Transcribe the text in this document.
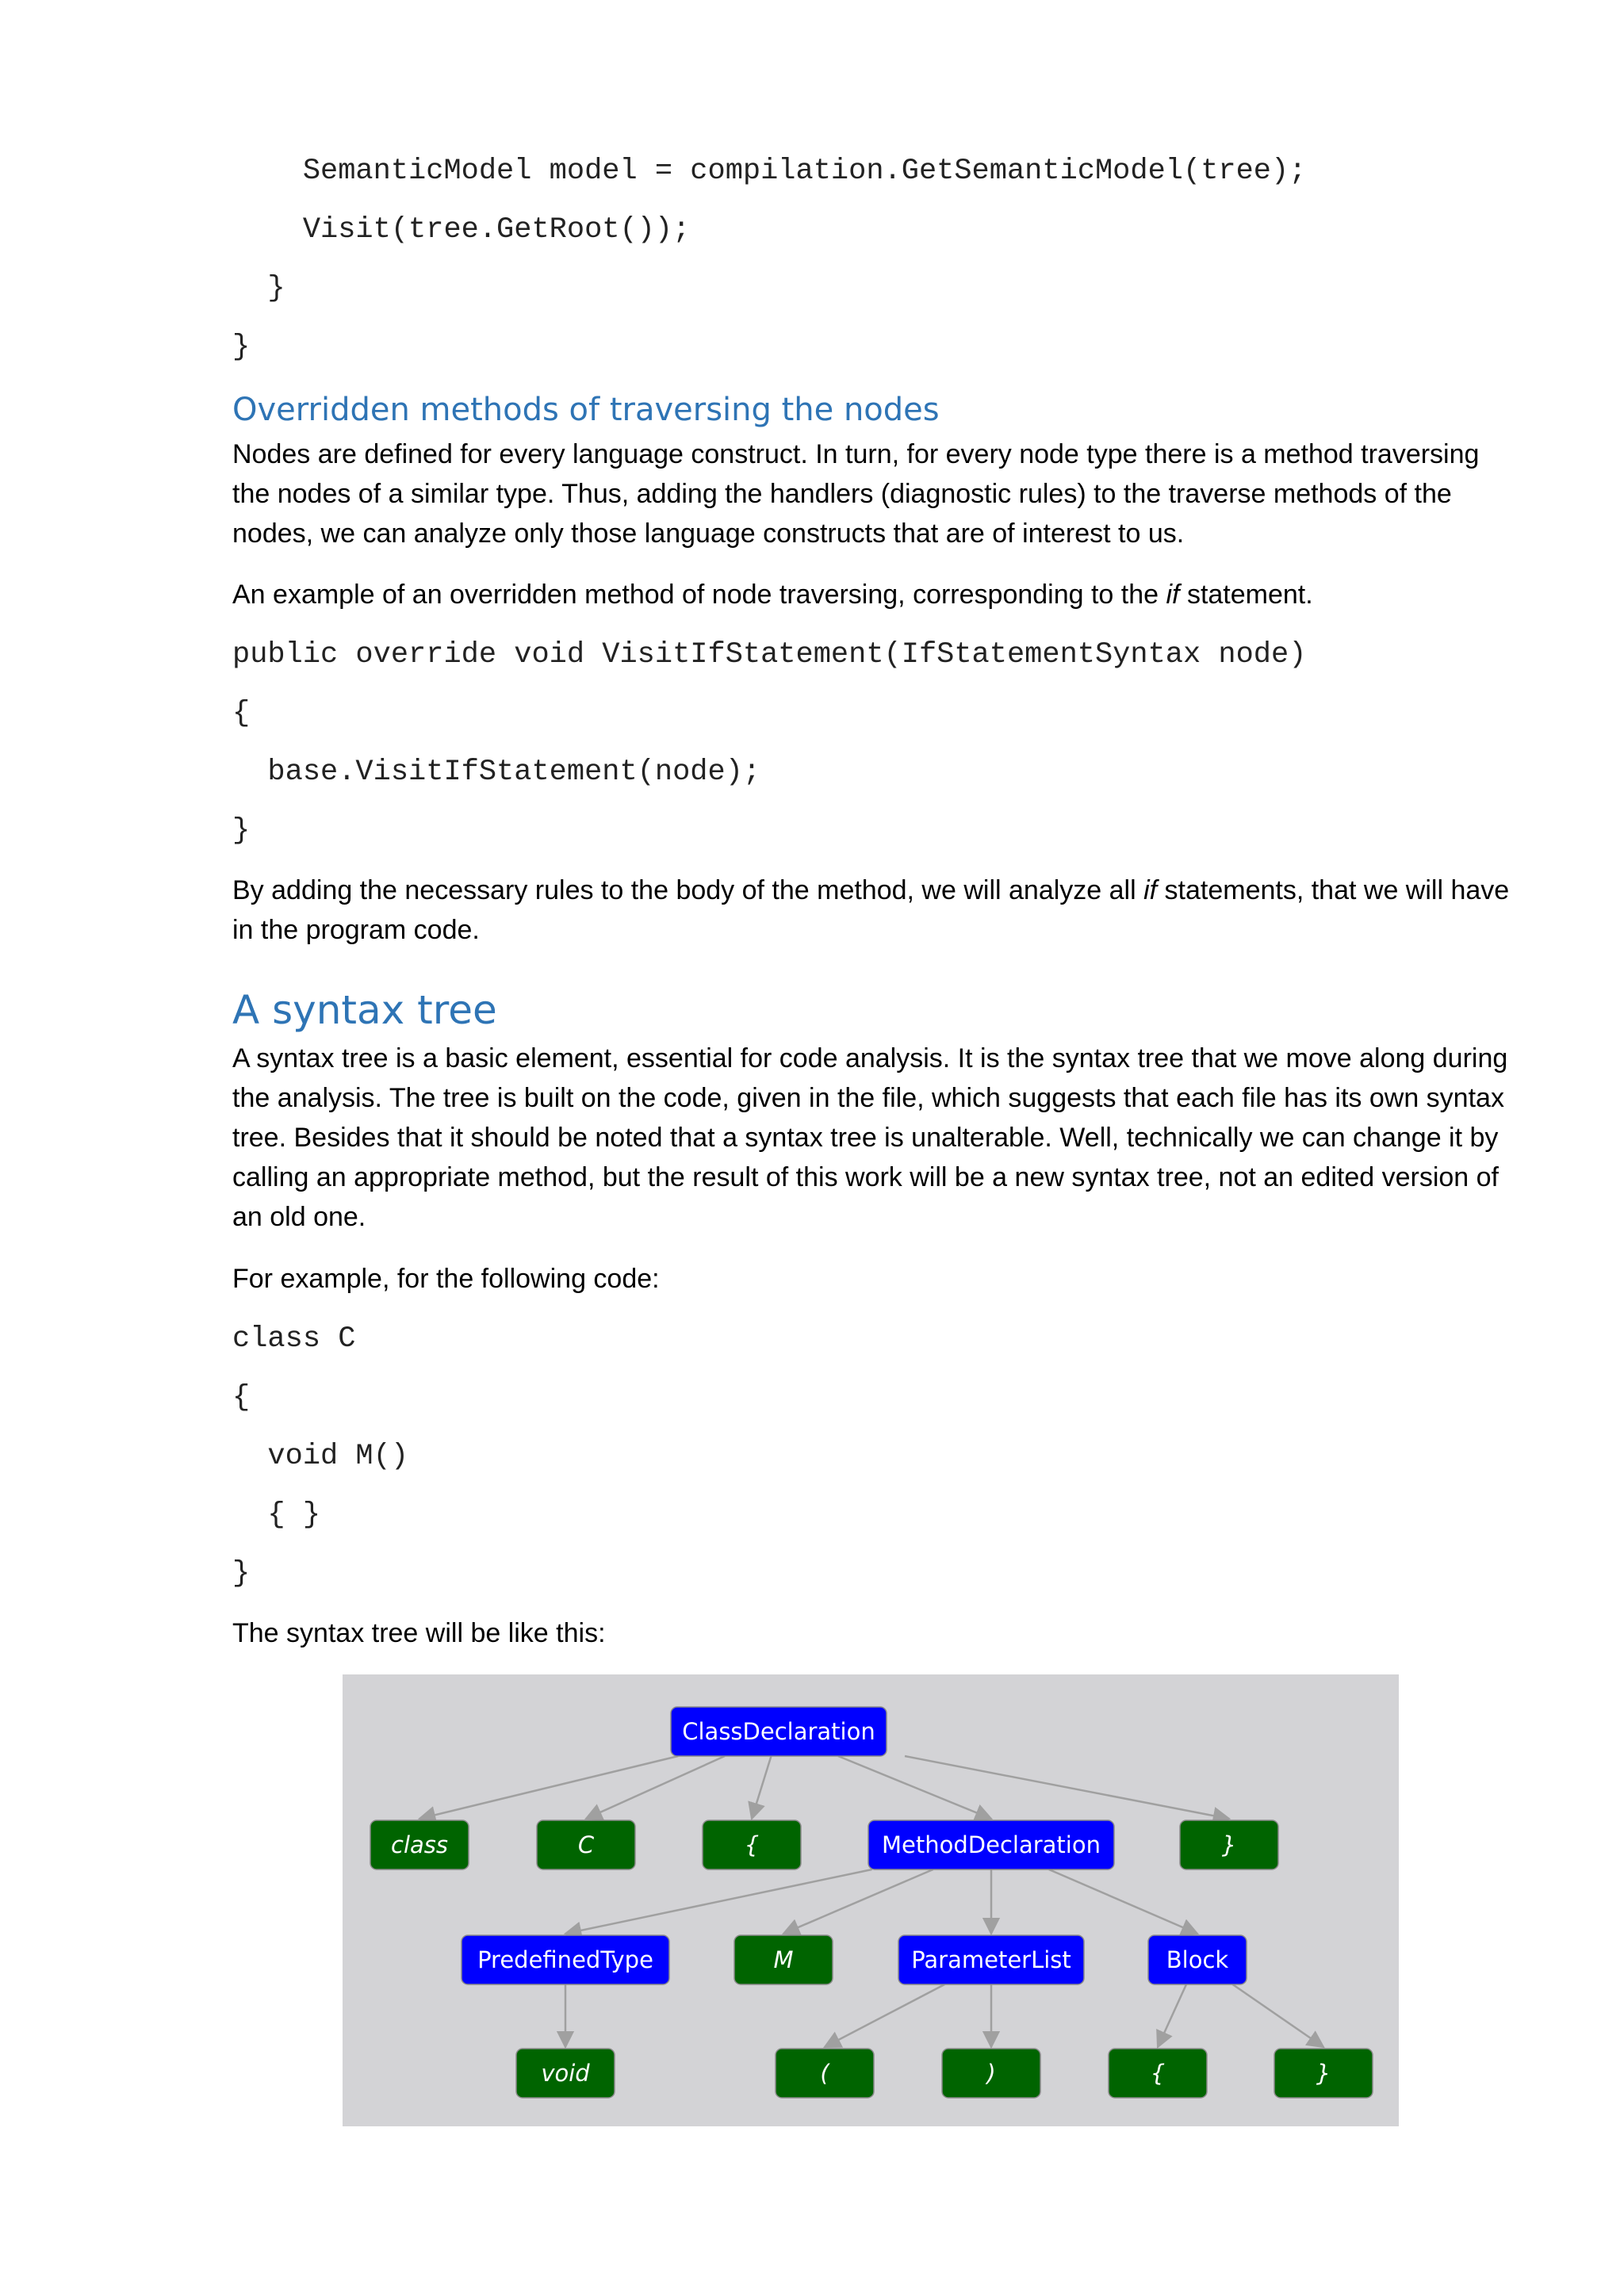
SemanticModel model = compilation.GetSemanticModel(tree);
Visit(tree.GetRoot());
}
}
Overridden methods of traversing the nodes

Nodes are defined for every language construct. In turn, for every node type there is a method traversing the nodes of a similar type. Thus, adding the handlers (diagnostic rules) to the traverse methods of the nodes, we can analyze only those language constructs that are of interest to us.

An example of an overridden method of node traversing, corresponding to the if statement.

public override void VisitIfStatement(IfStatementSyntax node)
{
base.VisitIfStatement(node);
}

By adding the necessary rules to the body of the method, we will analyze all if statements, that we will have in the program code.

A syntax tree

A syntax tree is a basic element, essential for code analysis. It is the syntax tree that we move along during the analysis. The tree is built on the code, given in the file, which suggests that each file has its own syntax tree. Besides that it should be noted that a syntax tree is unalterable. Well, technically we can change it by calling an appropriate method, but the result of this work will be a new syntax tree, not an edited version of an old one.

For example, for the following code:

class C
{
void M()
{ }
}

The syntax tree will be like this:

ClassDeclaration
class	C	{	MethodDeclaration	}
PredefinedType	M	ParameterList	Block
void	(	)	{	}
